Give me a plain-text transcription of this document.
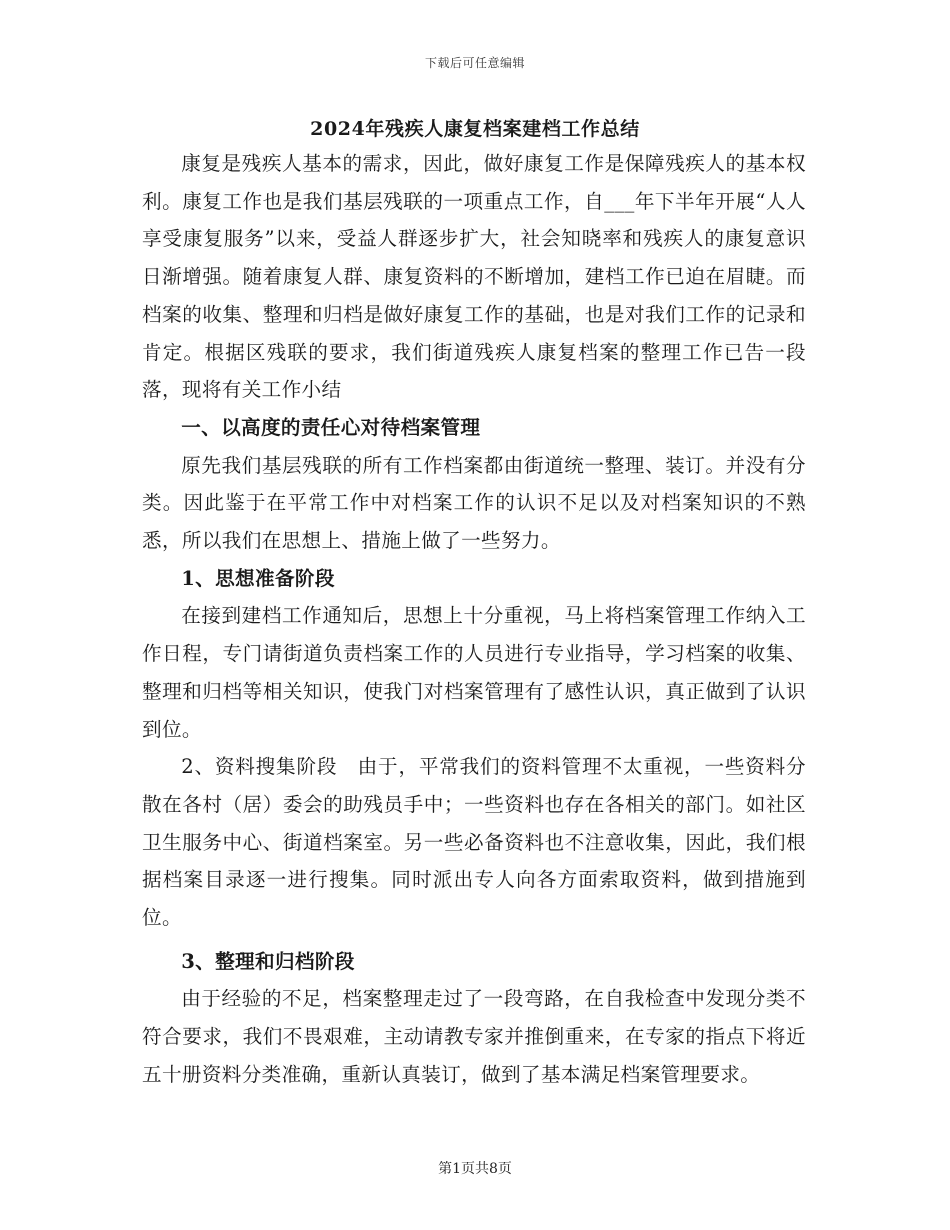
下载后可任意编辑
2024年残疾人康复档案建档工作总结

康复是残疾人基本的需求，因此，做好康复工作是保障残疾人的基本权利。康复工作也是我们基层残联的一项重点工作，自___年下半年开展“人人享受康复服务”以来，受益人群逐步扩大，社会知晓率和残疾人的康复意识日渐增强。随着康复人群、康复资料的不断增加，建档工作已迫在眉睫。而档案的收集、整理和归档是做好康复工作的基础，也是对我们工作的记录和肯定。根据区残联的要求，我们街道残疾人康复档案的整理工作已告一段落，现将有关工作小结

一、以高度的责任心对待档案管理

原先我们基层残联的所有工作档案都由街道统一整理、装订。并没有分类。因此鉴于在平常工作中对档案工作的认识不足以及对档案知识的不熟悉，所以我们在思想上、措施上做了一些努力。

1、思想准备阶段

在接到建档工作通知后，思想上十分重视，马上将档案管理工作纳入工作日程，专门请街道负责档案工作的人员进行专业指导，学习档案的收集、整理和归档等相关知识，使我门对档案管理有了感性认识，真正做到了认识到位。

2、资料搜集阶段　由于，平常我们的资料管理不太重视，一些资料分散在各村（居）委会的助残员手中；一些资料也存在各相关的部门。如社区卫生服务中心、街道档案室。另一些必备资料也不注意收集，因此，我们根据档案目录逐一进行搜集。同时派出专人向各方面索取资料，做到措施到位。

3、整理和归档阶段

由于经验的不足，档案整理走过了一段弯路，在自我检查中发现分类不符合要求，我们不畏艰难，主动请教专家并推倒重来，在专家的指点下将近五十册资料分类准确，重新认真装订，做到了基本满足档案管理要求。

第1页共8页
